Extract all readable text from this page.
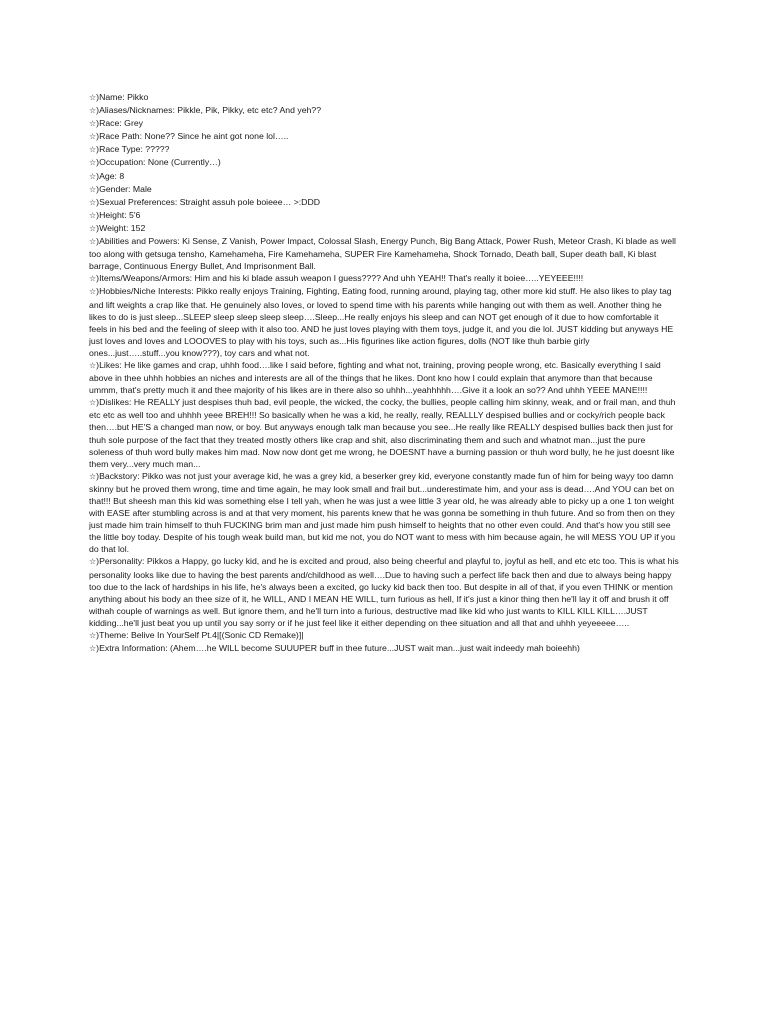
☆)Name: Pikko

☆)Aliases/Nicknames: Pikkle, Pik, Pikky, etc etc? And yeh??

☆)Race: Grey

☆)Race Path: None?? Since he aint got none lol…..

☆)Race Type: ?????

☆)Occupation: None (Currently…)

☆)Age: 8

☆)Gender: Male

☆)Sexual Preferences: Straight assuh pole boieee… >:DDD

☆)Height: 5'6

☆)Weight: 152

☆)Abilities and Powers: Ki Sense, Z Vanish, Power Impact, Colossal Slash, Energy Punch, Big Bang Attack, Power Rush, Meteor Crash, Ki blade as well too along with getsuga tensho, Kamehameha, Fire Kamehameha, SUPER Fire Kamehameha, Shock Tornado, Death ball, Super death ball, Ki blast barrage, Continuous Energy Bullet, And Imprisonment Ball.

☆)Items/Weapons/Armors: Him and his ki blade assuh weapon I guess???? And uhh YEAH!! That's really it boiee…..YEYEEE!!!!

☆)Hobbies/Niche Interests: Pikko really enjoys Training, Fighting, Eating food, running around, playing tag, other more kid stuff. He also likes to play tag and lift weights a crap like that. He genuinely also loves, or loved to spend time with his parents while hanging out with them as well. Another thing he likes to do is just sleep...SLEEP sleep sleep sleep sleep….Sleep...He really enjoys his sleep and can NOT get enough of it due to how comfortable it feels in his bed and the feeling of sleep with it also too. AND he just loves playing with them toys, judge it, and you die lol. JUST kidding but anyways HE just loves and loves and LOOOVES to play with his toys, such as...His figurines like action figures, dolls (NOT like thuh barbie girly ones...just…..stuff...you know???), toy cars and what not.

☆)Likes: He like games and crap, uhhh food….like I said before, fighting and what not, training, proving people wrong, etc. Basically everything I said above in thee uhhh hobbies an niches and interests are all of the things that he likes. Dont kno how I could explain that anymore than that because ummm, that's pretty much it and thee majority of his likes are in there also so uhhh...yeahhhhh….Give it a look an so?? And uhhh YEEE MANE!!!!

☆)Dislikes: He REALLY just despises thuh bad, evil people, the wicked, the cocky, the bullies, people calling him skinny, weak, and or frail man, and thuh etc etc as well too and uhhhh yeee BREH!!! So basically when he was a kid, he really, really, REALLLY despised bullies and or cocky/rich people back then….but HE'S a changed man now, or boy. But anyways enough talk man because you see...He really like REALLY despised bullies back then just for thuh sole purpose of the fact that they treated mostly others like crap and shit, also discriminating them and such and whatnot man...just the pure soleness of thuh word bully makes him mad. Now now dont get me wrong, he DOESNT have a burning passion or thuh word bully, he he just doesnt like them very...very much man...

☆)Backstory: Pikko was not just your average kid, he was a grey kid, a beserker grey kid, everyone constantly made fun of him for being wayy too damn skinny but he proved them wrong, time and time again, he may look small and frail but...underestimate him, and your ass is dead….And YOU can bet on that!!! But sheesh man this kid was something else I tell yah, when he was just a wee little 3 year old, he was already able to picky up a one 1 ton weight with EASE after stumbling across is and at that very moment, his parents knew that he was gonna be something in thuh future. And so from then on they just made him train himself to thuh FUCKING brim man and just made him push himself to heights that no other even could. And that's how you still see the little boy today. Despite of his tough weak build man, but kid me not, you do NOT want to mess with him because again, he will MESS YOU UP if you do that lol.

☆)Personality: Pikkos a Happy, go lucky kid, and he is excited and proud, also being cheerful and playful to, joyful as hell, and etc etc too. This is what his personality looks like due to having the best parents and/childhood as well….Due to having such a perfect life back then and due to always being happy too due to the lack of hardships in his life, he's always been a excited, go lucky kid back then too. But despite in all of that, if you even THINK or mention anything about his body an thee size of it, he WILL, AND I MEAN HE WILL, turn furious as hell, If it's just a kinor thing then he'll lay it off and brush it off withah couple of warnings as well. But ignore them, and he'll turn into a furious, destructive mad like kid who just wants to KILL KILL KILL….JUST kidding...he'll just beat you up until you say sorry or if he just feel like it either depending on thee situation and all that and uhhh yeyeeeee…..

☆)Theme: Belive In YourSelf Pt.4|[(Sonic CD Remake)]|

☆)Extra Information: (Ahem….he WILL become SUUUPER buff in thee future...JUST wait man...just wait indeedy mah boieehh)
